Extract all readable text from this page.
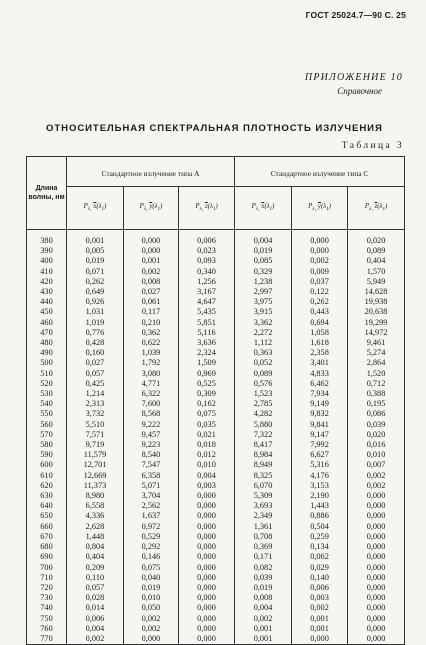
ГОСТ 25024.7—90 С. 25
ПРИЛОЖЕНИЕ 10
Справочное
ОТНОСИТЕЛЬНАЯ СПЕКТРАЛЬНАЯ ПЛОТНОСТЬ ИЗЛУЧЕНИЯ
Таблица 3
Длина волны, нм	Стандартное излучение типа А			Стандартное излучение типа С		
	$P_{\lambda_1}$ $\overline{x}(\lambda_1)$	$P_{\lambda_1}$ $\overline{y}(\lambda_1)$	$P_{\lambda_1}$ $\overline{z}(\lambda_1)$	$P_{\lambda_1}$ $\overline{x}(\lambda_1)$	$P_{\lambda_1}$ $\overline{y}(\lambda_1)$	$P_{\lambda_1}$ $\overline{z}(\lambda_1)$
380	0,001	0,000	0,006	0,004	0,000	0,020
390	0,005	0,000	0,023	0,019	0,000	0,089
400	0,019	0,001	0,093	0,085	0,002	0,404
410	0,071	0,002	0,340	0,329	0,009	1,570
420	0,262	0,008	1,256	1,238	0,037	5,949
430	0,649	0,027	3,167	2,997	0,122	14,628
440	0,926	0,061	4,647	3,975	0,262	19,938
450	1,031	0,117	5,435	3,915	0,443	20,638
460	1,019	0,210	5,851	3,362	0,694	19,299
470	0,776	0,362	5,116	2,272	1,058	14,972
480	0,428	0,622	3,636	1,112	1,618	9,461
490	0,160	1,039	2,324	0,363	2,358	5,274
500	0,027	1,792	1,509	0,052	3,401	2,864
510	0,057	3,080	0,969	0,089	4,833	1,520
520	0,425	4,771	0,525	0,576	6,462	0,712
530	1,214	6,322	0,309	1,523	7,934	0,388
540	2,313	7,600	0,162	2,785	9,149	0,195
550	3,732	8,568	0,075	4,282	9,832	0,086
560	5,510	9,222	0,035	5,880	9,841	0,039
570	7,571	9,457	0,021	7,322	9,147	0,020
580	9,719	9,223	0,018	8,417	7,992	0,016
590	11,579	8,540	0,012	8,984	6,627	0,010
600	12,701	7,547	0,010	8,949	5,316	0,007
610	12,669	6,358	0,004	8,325	4,176	0,002
620	11,373	5,071	0,003	6,070	3,153	0,002
630	8,980	3,704	0,000	5,309	2,190	0,000
640	6,558	2,562	0,000	3,693	1,443	0,000
650	4,336	1,637	0,000	2,349	0,886	0,000
660	2,628	0,972	0,000	1,361	0,504	0,000
670	1,448	0,529	0,000	0,708	0,259	0,000
680	0,804	0,292	0,000	0,369	0,134	0,000
690	0,404	0,146	0,000	0,171	0,062	0,000
700	0,209	0,075	0,000	0,082	0,029	0,000
710	0,110	0,040	0,000	0,039	0,140	0,000
720	0,057	0,019	0,000	0,019	0,006	0,000
730	0,028	0,010	0,000	0,008	0,003	0,000
740	0,014	0,050	0,000	0,004	0,002	0,000
750	0,006	0,002	0,000	0,002	0,001	0,000
760	0,004	0,002	0,000	0,001	0,001	0,000
770	0,002	0,000	0,000	0,001	0,000	0,000
